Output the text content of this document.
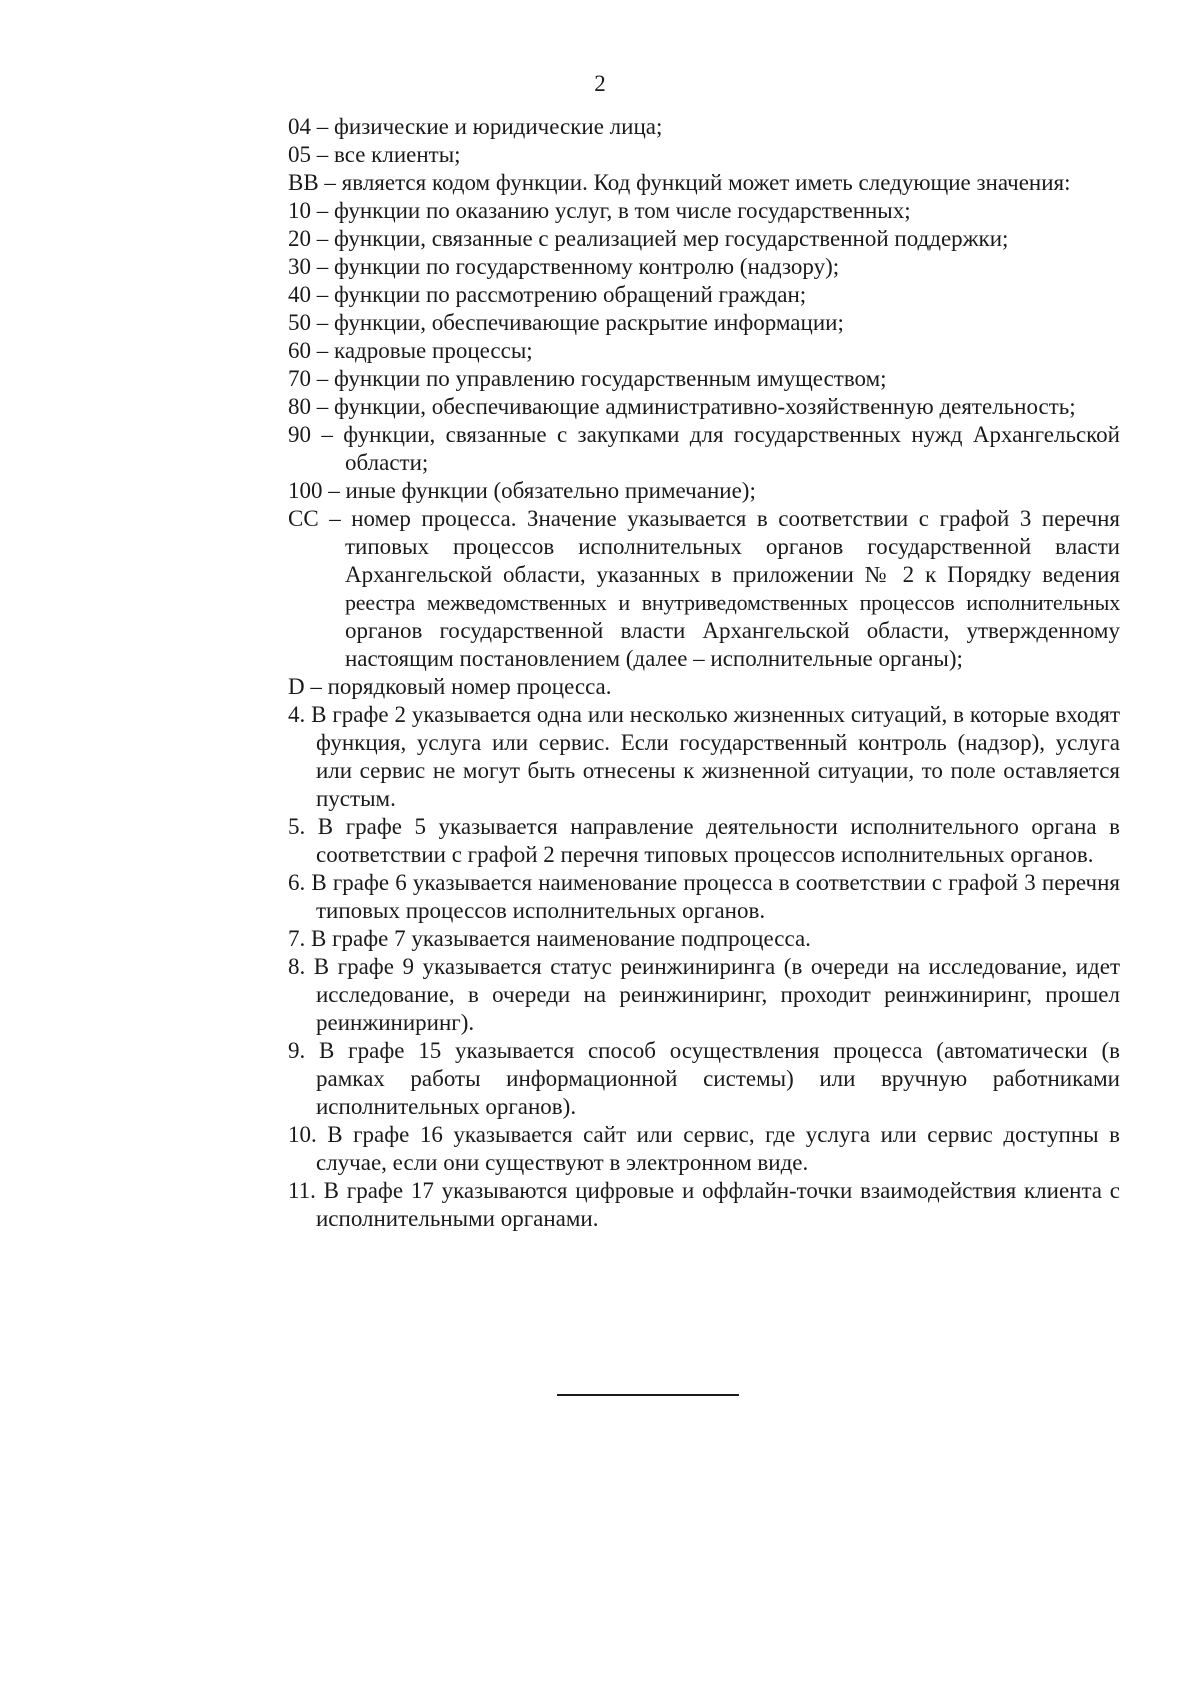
2

04 – физические и юридические лица;

05 – все клиенты;

ВВ – является кодом функции. Код функций может иметь следующие значения:

10 – функции по оказанию услуг, в том числе государственных;

20 – функции, связанные с реализацией мер государственной поддержки;

30 – функции по государственному контролю (надзору);

40 – функции по рассмотрению обращений граждан;

50 – функции, обеспечивающие раскрытие информации;

60 – кадровые процессы;

70 – функции по управлению государственным имуществом;

80 – функции, обеспечивающие административно-хозяйственную деятельность;

90 – функции, связанные с закупками для государственных нужд Архангельской области;

100 – иные функции (обязательно примечание);

СС – номер процесса. Значение указывается в соответствии с графой 3 перечня типовых процессов исполнительных органов государственной власти Архангельской области, указанных в приложении № 2 к Порядку ведения реестра межведомственных и внутриведомственных процессов исполнительных органов государственной власти Архангельской области, утвержденному настоящим постановлением (далее – исполнительные органы);

D – порядковый номер процесса.

4. В графе 2 указывается одна или несколько жизненных ситуаций, в которые входят функция, услуга или сервис. Если государственный контроль (надзор), услуга или сервис не могут быть отнесены к жизненной ситуации, то поле оставляется пустым.

5. В графе 5 указывается направление деятельности исполнительного органа в соответствии с графой 2 перечня типовых процессов исполнительных органов.

6. В графе 6 указывается наименование процесса в соответствии с графой 3 перечня типовых процессов исполнительных органов.

7. В графе 7 указывается наименование подпроцесса.

8. В графе 9 указывается статус реинжиниринга (в очереди на исследование, идет исследование, в очереди на реинжиниринг, проходит реинжиниринг, прошел реинжиниринг).

9. В графе 15 указывается способ осуществления процесса (автоматически (в рамках работы информационной системы) или вручную работниками исполнительных органов).

10. В графе 16 указывается сайт или сервис, где услуга или сервис доступны в случае, если они существуют в электронном виде.

11. В графе 17 указываются цифровые и оффлайн-точки взаимодействия клиента с исполнительными органами.
